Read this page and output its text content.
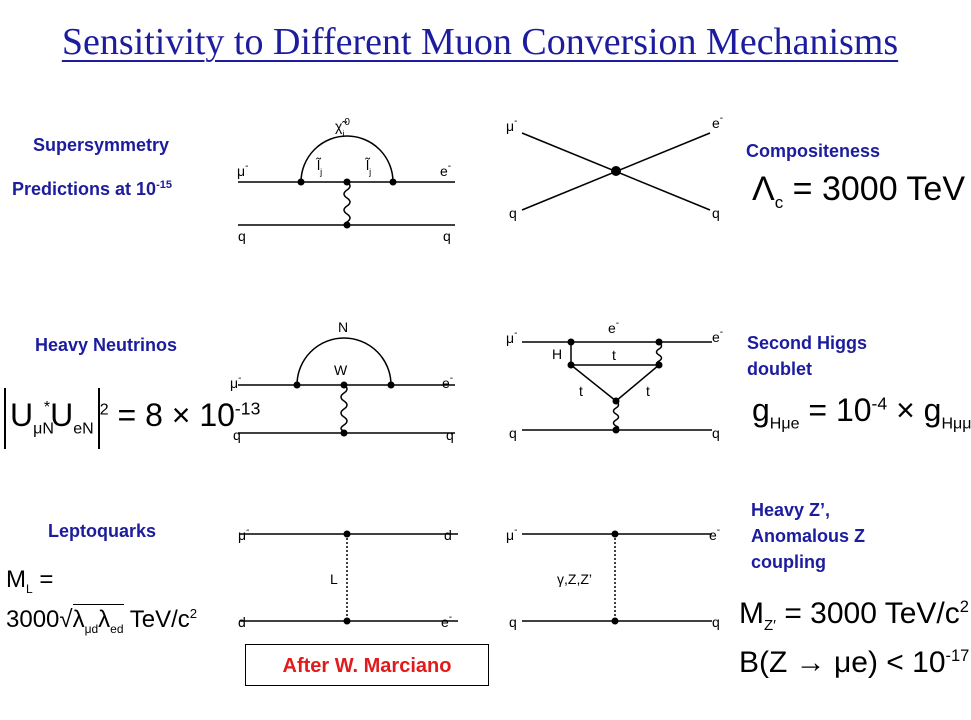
Sensitivity to Different Muon Conversion Mechanisms
Supersymmetry
Predictions at $10^{-15}$
Compositeness
Heavy Neutrinos	Second Higgs
doublet
Leptoquarks
Heavy Z’,
Anomalous Z
coupling
$\Lambda_c = 3000$ TeV
$U_{\mu N}^*U_{eN}^2 = 8 \times 10^{-13}$	$g_{H\mu e} = 10^{-4} \times g_{H\mu\mu}$
$M_L$ =
$3000√\lambda_{\mu d}\lambda_{ed}$ TeV/$c^2$	$M_{Z'} = 3000$ TeV/$c^2$
$B(Z \to \mu e) < 10^{-17}$
μ-	e-
q	q
$\chĩ_i^0$
$l̃_j$	$l̃_j$
μ-	e-
q	q
μ-	e-
q	q
N
W
μ-	e-
e-
H	t
t	t
q	q
μ-	d
d	e-
L
μ-	e-
q	q
γ,Z,Z’
After W. Marciano
